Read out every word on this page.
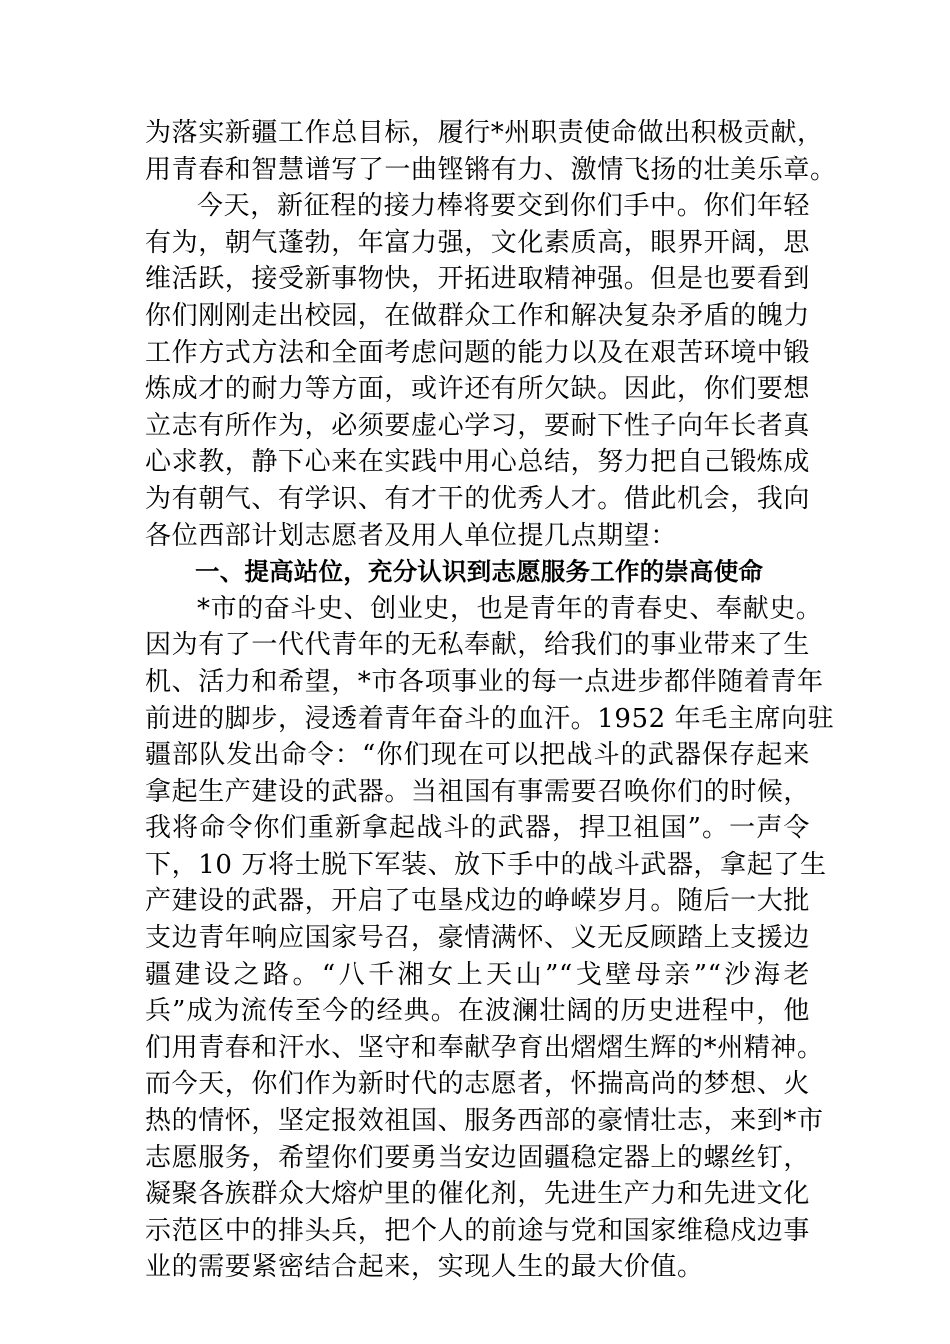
为落实新疆工作总目标，履行*州职责使命做出积极贡献，
用青春和智慧谱写了一曲铿锵有力、激情飞扬的壮美乐章。
今天，新征程的接力棒将要交到你们手中。你们年轻
有为，朝气蓬勃，年富力强，文化素质高，眼界开阔，思
维活跃，接受新事物快，开拓进取精神强。但是也要看到
你们刚刚走出校园，在做群众工作和解决复杂矛盾的魄力
工作方式方法和全面考虑问题的能力以及在艰苦环境中锻
炼成才的耐力等方面，或许还有所欠缺。因此，你们要想
立志有所作为，必须要虚心学习，要耐下性子向年长者真
心求教，静下心来在实践中用心总结，努力把自己锻炼成
为有朝气、有学识、有才干的优秀人才。借此机会，我向
各位西部计划志愿者及用人单位提几点期望：
一、提高站位，充分认识到志愿服务工作的崇高使命
*市的奋斗史、创业史，也是青年的青春史、奉献史。
因为有了一代代青年的无私奉献，给我们的事业带来了生
机、活力和希望，*市各项事业的每一点进步都伴随着青年
前进的脚步，浸透着青年奋斗的血汗。1952 年毛主席向驻
疆部队发出命令：“你们现在可以把战斗的武器保存起来
拿起生产建设的武器。当祖国有事需要召唤你们的时候，
我将命令你们重新拿起战斗的武器，捍卫祖国”。一声令
下，10 万将士脱下军装、放下手中的战斗武器，拿起了生
产建设的武器，开启了屯垦戍边的峥嵘岁月。随后一大批
支边青年响应国家号召，豪情满怀、义无反顾踏上支援边
疆建设之路。“八千湘女上天山”“戈壁母亲”“沙海老
兵”成为流传至今的经典。在波澜壮阔的历史进程中，他
们用青春和汗水、坚守和奉献孕育出熠熠生辉的*州精神。
而今天，你们作为新时代的志愿者，怀揣高尚的梦想、火
热的情怀，坚定报效祖国、服务西部的豪情壮志，来到*市
志愿服务，希望你们要勇当安边固疆稳定器上的螺丝钉，
凝聚各族群众大熔炉里的催化剂，先进生产力和先进文化
示范区中的排头兵，把个人的前途与党和国家维稳戍边事
业的需要紧密结合起来，实现人生的最大价值。
